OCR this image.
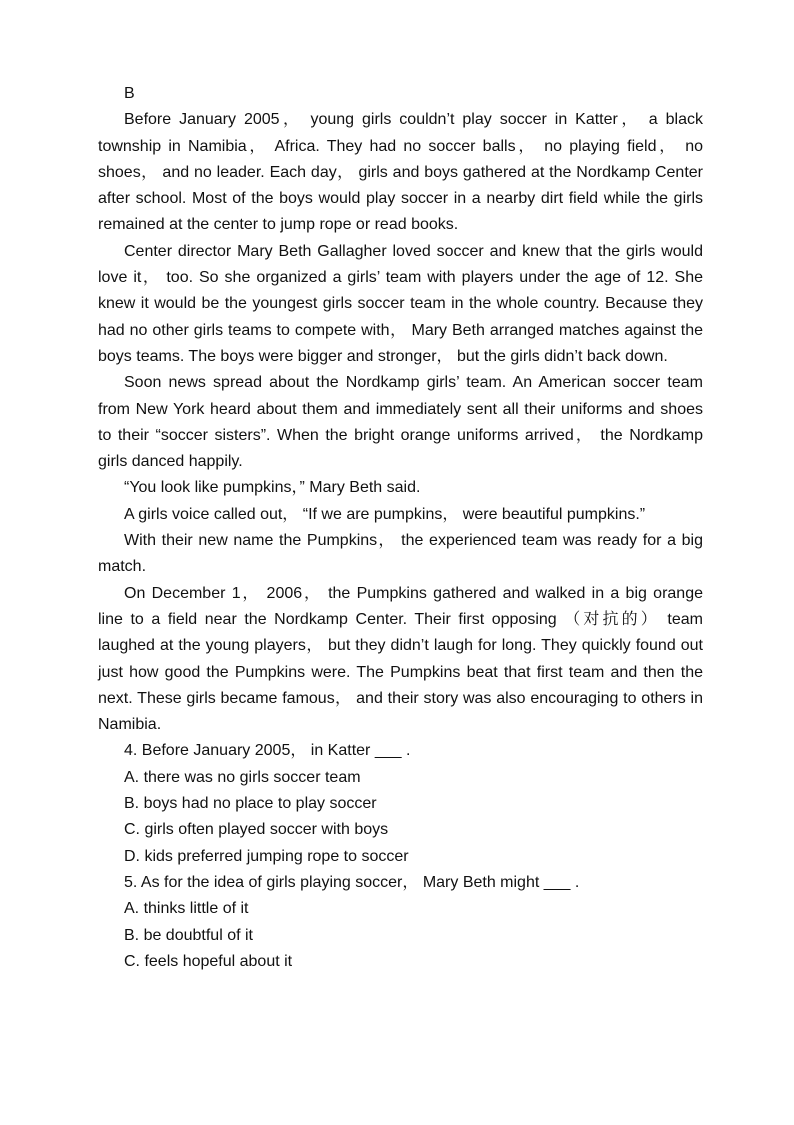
B

Before January 2005， young girls couldn’t play soccer in Katter， a black township in Namibia， Africa. They had no soccer balls， no playing field， no shoes， and no leader. Each day， girls and boys gathered at the Nordkamp Center after school. Most of the boys would play soccer in a nearby dirt field while the girls remained at the center to jump rope or read books.

Center director Mary Beth Gallagher loved soccer and knew that the girls would love it， too. So she organized a girls’ team with players under the age of 12. She knew it would be the youngest girls soccer team in the whole country. Because they had no other girls teams to compete with， Mary Beth arranged matches against the boys teams. The boys were bigger and stronger， but the girls didn’t back down.

Soon news spread about the Nordkamp girls’ team. An American soccer team from New York heard about them and immediately sent all their uniforms and shoes to their “soccer sisters”. When the bright orange uniforms arrived， the Nordkamp girls danced happily.

“You look like pumpkins，” Mary Beth said.

A girls voice called out， “If we are pumpkins， were beautiful pumpkins.”

With their new name the Pumpkins， the experienced team was ready for a big match.

On December 1， 2006， the Pumpkins gathered and walked in a big orange line to a field near the Nordkamp Center. Their first opposing （对抗的） team laughed at the young players， but they didn’t laugh for long. They quickly found out just how good the Pumpkins were. The Pumpkins beat that first team and then the next. These girls became famous， and their story was also encouraging to others in Namibia.

4. Before January 2005， in Katter ___ .

A. there was no girls soccer team

B. boys had no place to play soccer

C. girls often played soccer with boys

D. kids preferred jumping rope to soccer

5. As for the idea of girls playing soccer， Mary Beth might ___ .

A. thinks little of it

B. be doubtful of it

C. feels hopeful about it
